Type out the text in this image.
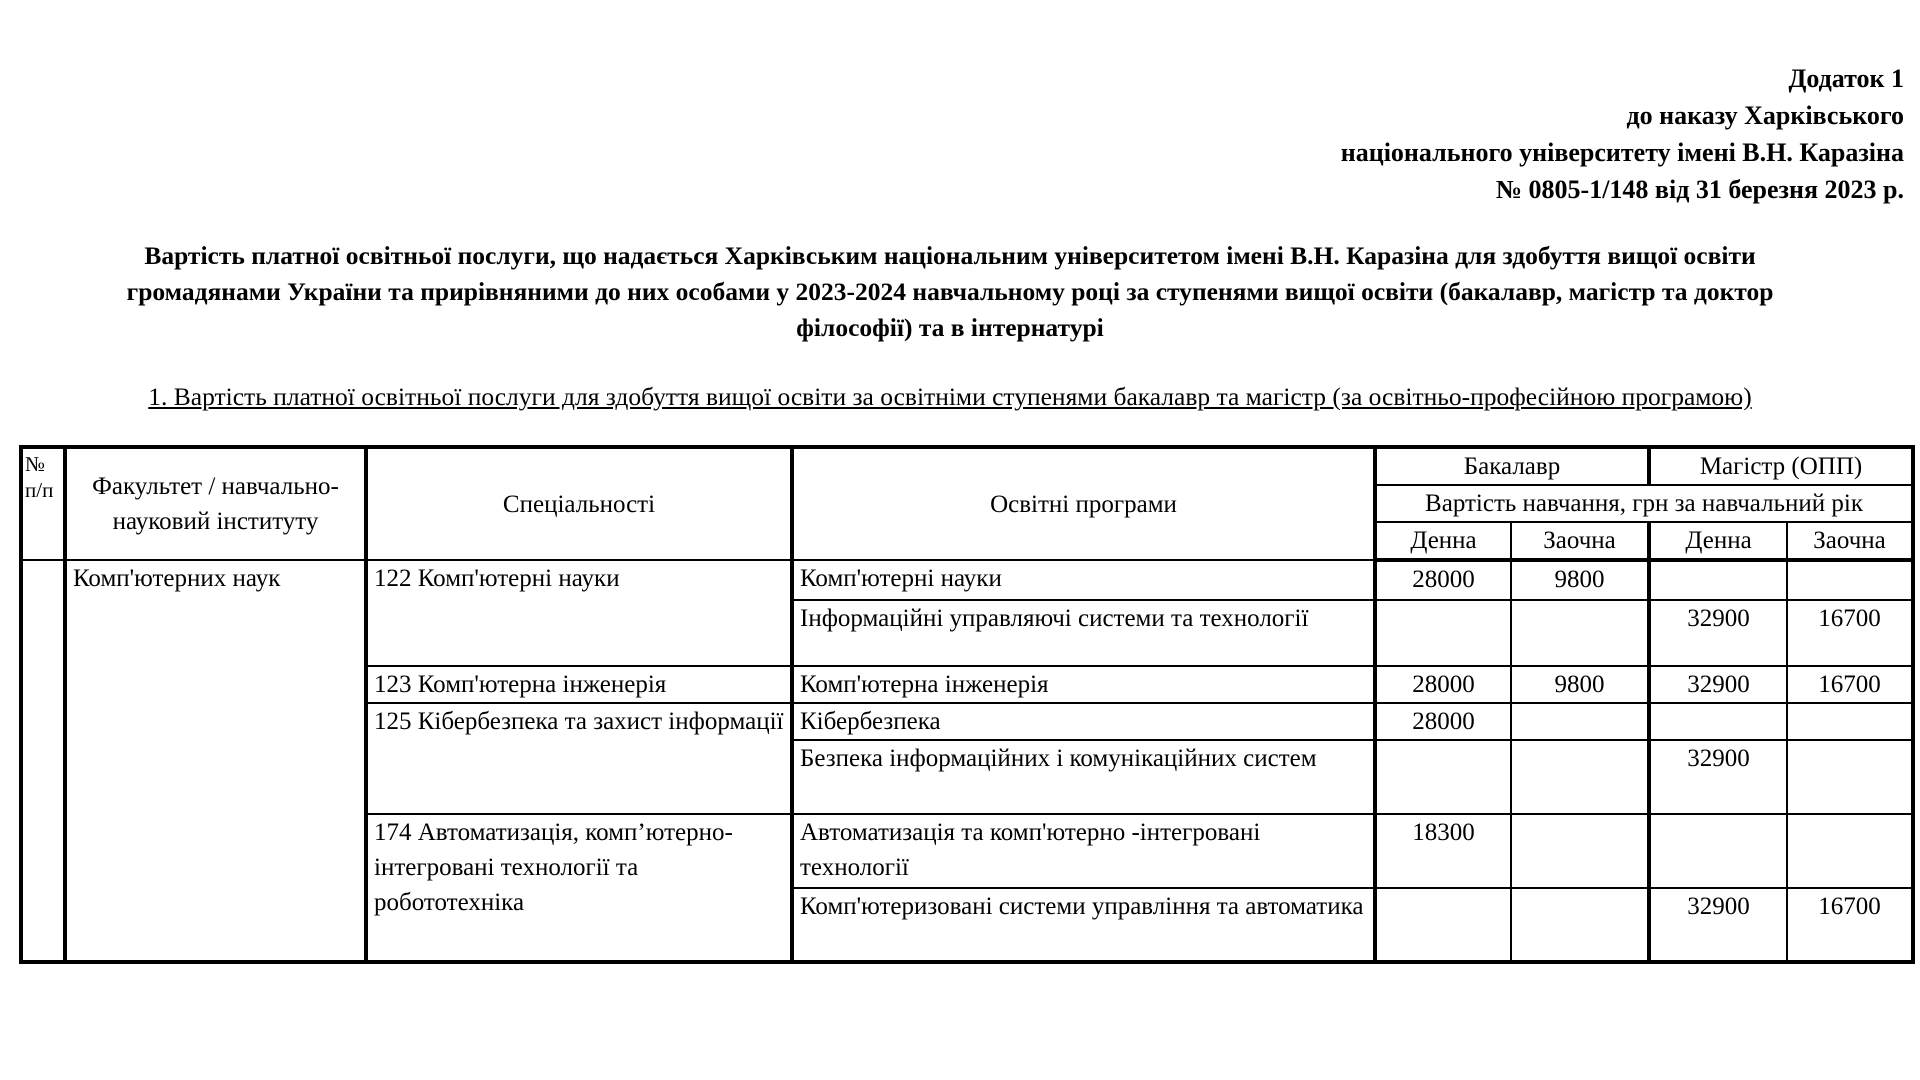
Додаток 1
до наказу Харківського
національного університету імені В.Н. Каразіна
№ 0805-1/148 від 31 березня 2023 р.
Вартість платної освітньої послуги, що надається Харківським національним університетом імені В.Н. Каразіна для здобуття вищої освіти
громадянами України та прирівняними до них особами у 2023-2024 навчальному році за ступенями вищої освіти (бакалавр, магістр та доктор
філософії) та в інтернатурі
1. Вартість платної освітньої послуги для здобуття вищої освіти за освітніми ступенями бакалавр та магістр (за освітньо-професійною програмою)
№ п/п	Факультет / навчально-науковий інституту	Спеціальності	Освітні програми	Бакалавр		Магістр (ОПП)	
				Вартість навчання, грн за навчальний рік			
				Денна	Заочна	Денна	Заочна
	Комп'ютерних наук	122 Комп'ютерні науки	Комп'ютерні науки	28000	9800		
			Інформаційні управляючі системи та технології			32900	16700
		123 Комп'ютерна інженерія	Комп'ютерна інженерія	28000	9800	32900	16700
		125 Кібербезпека та захист інформації	Кібербезпека	28000			
			Безпека інформаційних і комунікаційних систем			32900	
		174 Автоматизація, комп’ютерно-інтегровані технології та робототехніка	Автоматизація та комп'ютерно -інтегровані технології	18300			
			Комп'ютеризовані системи управління та автоматика			32900	16700
